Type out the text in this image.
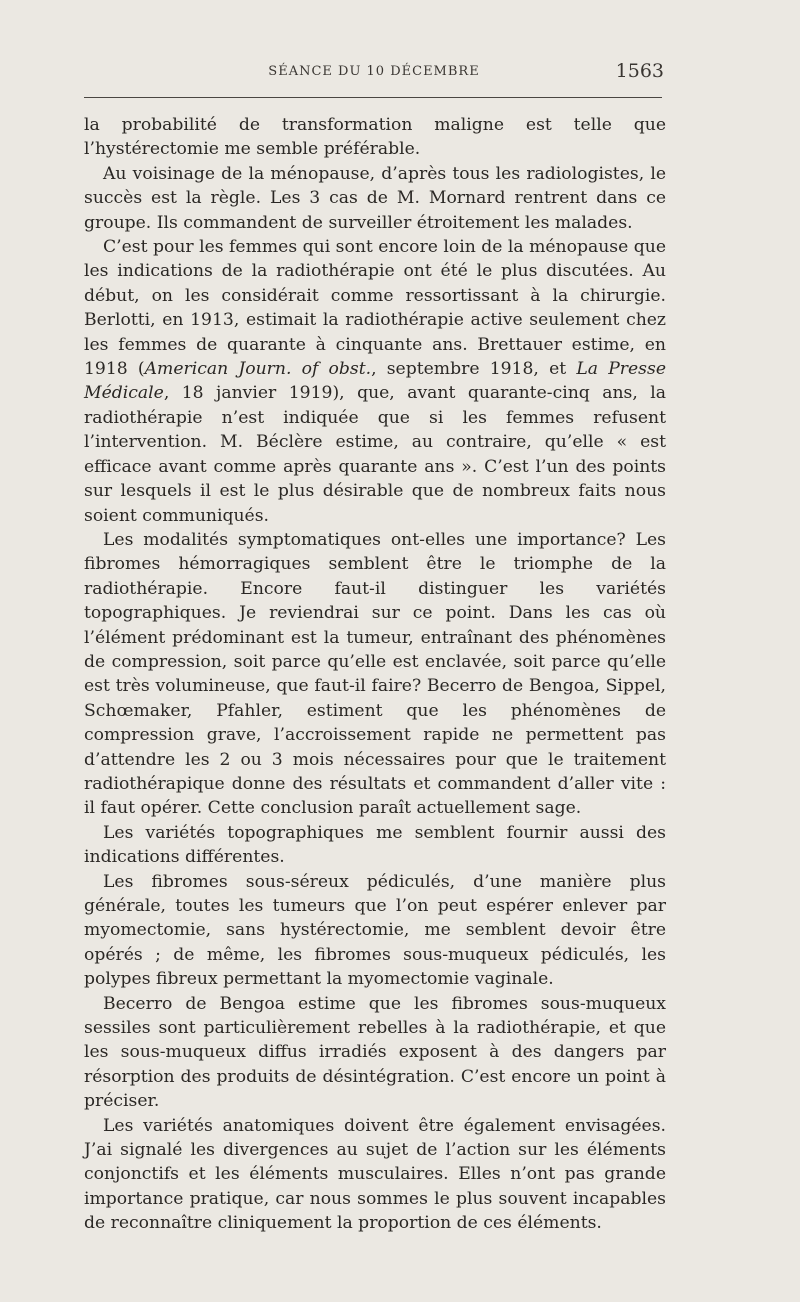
SÉANCE DU 10 DÉCEMBRE	1563

la probabilité de transformation maligne est telle que l’hystérectomie me semble préférable.

Au voisinage de la ménopause, d’après tous les radiologistes, le succès est la règle. Les 3 cas de M. Mornard rentrent dans ce groupe. Ils commandent de surveiller étroitement les malades.

C’est pour les femmes qui sont encore loin de la ménopause que les indications de la radiothérapie ont été le plus discutées. Au début, on les considérait comme ressortissant à la chirurgie. Berlotti, en 1913, estimait la radiothérapie active seulement chez les femmes de quarante à cinquante ans. Brettauer estime, en 1918 (American Journ. of obst., septembre 1918, et La Presse Médicale, 18 janvier 1919), que, avant quarante-cinq ans, la radiothérapie n’est indiquée que si les femmes refusent l’intervention. M. Béclère estime, au contraire, qu’elle « est efficace avant comme après quarante ans ». C’est l’un des points sur lesquels il est le plus désirable que de nombreux faits nous soient communiqués.

Les modalités symptomatiques ont-elles une importance? Les fibromes hémorragiques semblent être le triomphe de la radiothérapie. Encore faut-il distinguer les variétés topographiques. Je reviendrai sur ce point. Dans les cas où l’élément prédominant est la tumeur, entraînant des phénomènes de compression, soit parce qu’elle est enclavée, soit parce qu’elle est très volumineuse, que faut-il faire? Becerro de Bengoa, Sippel, Schœmaker, Pfahler, estiment que les phénomènes de compression grave, l’accroissement rapide ne permettent pas d’attendre les 2 ou 3 mois nécessaires pour que le traitement radiothérapique donne des résultats et commandent d’aller vite : il faut opérer. Cette conclusion paraît actuellement sage.

Les variétés topographiques me semblent fournir aussi des indications différentes.

Les fibromes sous-séreux pédiculés, d’une manière plus générale, toutes les tumeurs que l’on peut espérer enlever par myomectomie, sans hystérectomie, me semblent devoir être opérés ; de même, les fibromes sous-muqueux pédiculés, les polypes fibreux permettant la myomectomie vaginale.

Becerro de Bengoa estime que les fibromes sous-muqueux sessiles sont particulièrement rebelles à la radiothérapie, et que les sous-muqueux diffus irradiés exposent à des dangers par résorption des produits de désintégration. C’est encore un point à préciser.

Les variétés anatomiques doivent être également envisagées. J’ai signalé les divergences au sujet de l’action sur les éléments conjonctifs et les éléments musculaires. Elles n’ont pas grande importance pratique, car nous sommes le plus souvent incapables de reconnaître cliniquement la proportion de ces éléments.
